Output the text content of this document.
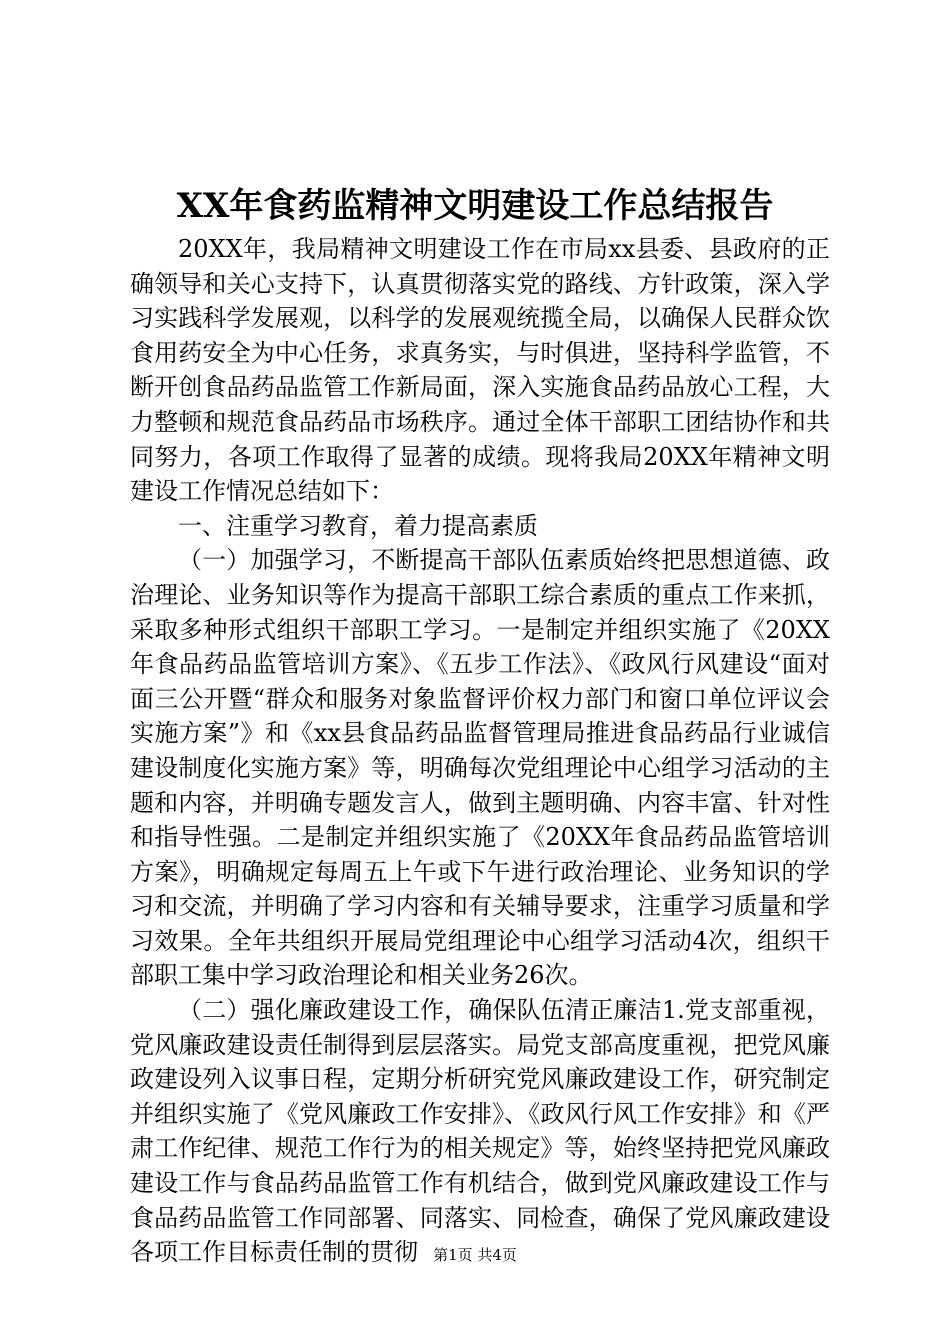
XX年食药监精神文明建设工作总结报告

20XX年，我局精神文明建设工作在市局xx县委、县政府的正确领导和关心支持下，认真贯彻落实党的路线、方针政策，深入学习实践科学发展观，以科学的发展观统揽全局，以确保人民群众饮食用药安全为中心任务，求真务实，与时俱进，坚持科学监管，不断开创食品药品监管工作新局面，深入实施食品药品放心工程，大力整顿和规范食品药品市场秩序。通过全体干部职工团结协作和共同努力，各项工作取得了显著的成绩。现将我局20XX年精神文明建设工作情况总结如下：

一、注重学习教育，着力提高素质

（一）加强学习，不断提高干部队伍素质始终把思想道德、政治理论、业务知识等作为提高干部职工综合素质的重点工作来抓，采取多种形式组织干部职工学习。一是制定并组织实施了《20XX年食品药品监管培训方案》、《五步工作法》、《政风行风建设“面对面三公开暨“群众和服务对象监督评价权力部门和窗口单位评议会实施方案”》和《xx县食品药品监督管理局推进食品药品行业诚信建设制度化实施方案》等，明确每次党组理论中心组学习活动的主题和内容，并明确专题发言人，做到主题明确、内容丰富、针对性和指导性强。二是制定并组织实施了《20XX年食品药品监管培训方案》，明确规定每周五上午或下午进行政治理论、业务知识的学习和交流，并明确了学习内容和有关辅导要求，注重学习质量和学习效果。全年共组织开展局党组理论中心组学习活动4次，组织干部职工集中学习政治理论和相关业务26次。

（二）强化廉政建设工作，确保队伍清正廉洁1.党支部重视，党风廉政建设责任制得到层层落实。局党支部高度重视，把党风廉政建设列入议事日程，定期分析研究党风廉政建设工作，研究制定并组织实施了《党风廉政工作安排》、《政风行风工作安排》和《严肃工作纪律、规范工作行为的相关规定》等，始终坚持把党风廉政建设工作与食品药品监管工作有机结合，做到党风廉政建设工作与食品药品监管工作同部署、同落实、同检查，确保了党风廉政建设各项工作目标责任制的贯彻	第1页 共4页
